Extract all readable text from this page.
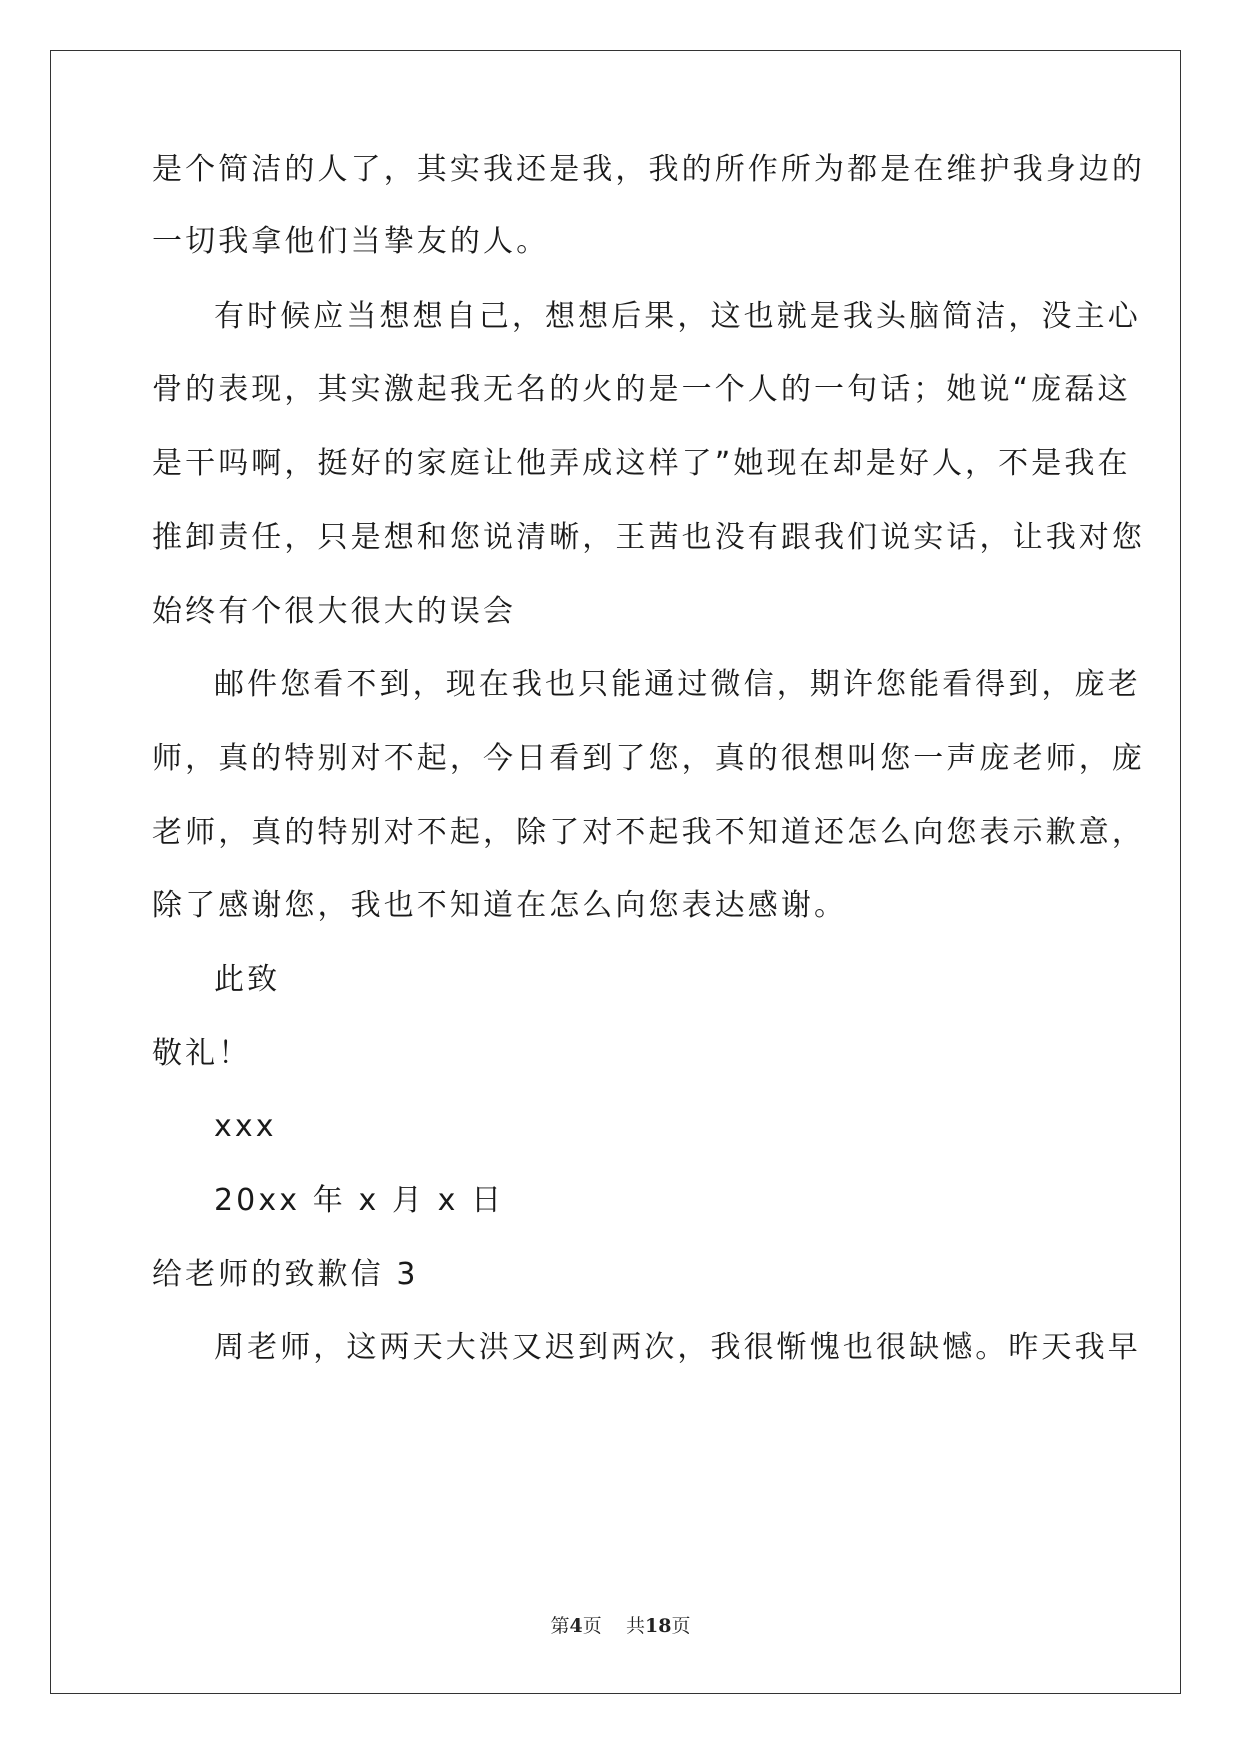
是个简洁的人了，其实我还是我，我的所作所为都是在维护我身边的
一切我拿他们当挚友的人。
有时候应当想想自己，想想后果，这也就是我头脑简洁，没主心
骨的表现，其实激起我无名的火的是一个人的一句话；她说“庞磊这
是干吗啊，挺好的家庭让他弄成这样了”她现在却是好人，不是我在
推卸责任，只是想和您说清晰，王茜也没有跟我们说实话，让我对您
始终有个很大很大的误会
邮件您看不到，现在我也只能通过微信，期许您能看得到，庞老
师，真的特别对不起，今日看到了您，真的很想叫您一声庞老师，庞
老师，真的特别对不起，除了对不起我不知道还怎么向您表示歉意，
除了感谢您，我也不知道在怎么向您表达感谢。
此致
敬礼！
xxx
20xx 年 x 月 x 日
给老师的致歉信 3
周老师，这两天大洪又迟到两次，我很惭愧也很缺憾。昨天我早
第4页 共18页
